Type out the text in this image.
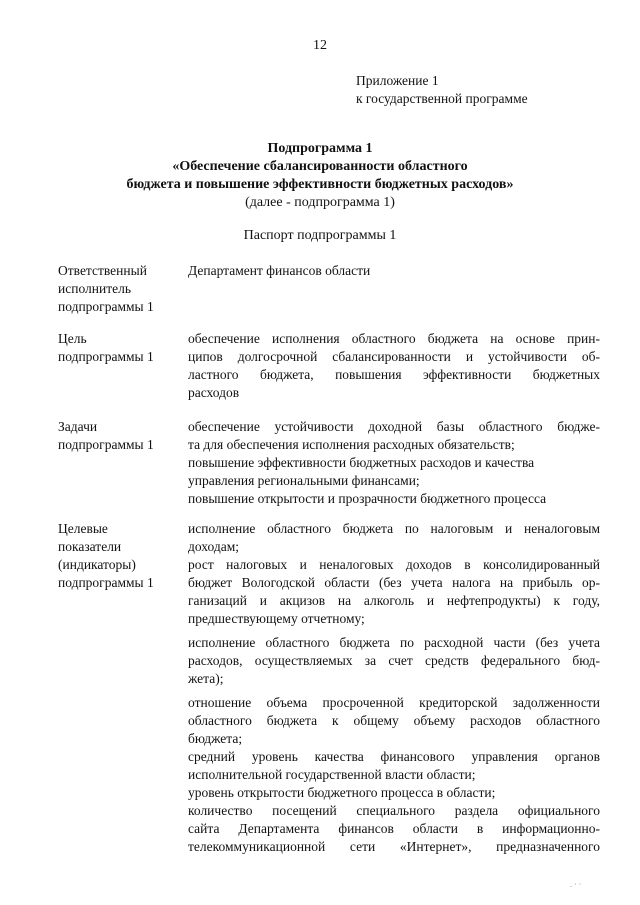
12
Приложение 1
к государственной программе
Подпрограмма 1
«Обеспечение сбалансированности областного
бюджета и повышение эффективности бюджетных расходов»
(далее - подпрограмма 1)
Паспорт подпрограммы 1
Ответственный
исполнитель
подпрограммы 1
Департамент финансов области
Цель
подпрограммы 1
обеспечение исполнения областного бюджета на основе прин-
ципов долгосрочной сбалансированности и устойчивости об-
ластного бюджета, повышения эффективности бюджетных
расходов
Задачи
подпрограммы 1
обеспечение устойчивости доходной базы областного бюдже-
та для обеспечения исполнения расходных обязательств;
повышение эффективности бюджетных расходов и качества
управления региональными финансами;
повышение открытости и прозрачности бюджетного процесса
Целевые
показатели
(индикаторы)
подпрограммы 1
исполнение областного бюджета по налоговым и неналоговым
доходам;
рост налоговых и неналоговых доходов в консолидированный
бюджет Вологодской области (без учета налога на прибыль ор-
ганизаций и акцизов на алкоголь и нефтепродукты) к году,
предшествующему отчетному;
исполнение областного бюджета по расходной части (без учета
расходов, осуществляемых за счет средств федерального бюд-
жета);
отношение объема просроченной кредиторской задолженности
областного бюджета к общему объему расходов областного
бюджета;
средний уровень качества финансового управления органов
исполнительной государственной власти области;
уровень открытости бюджетного процесса в области;
количество посещений специального раздела официального
сайта Департамента финансов области в информационно-
телекоммуникационной сети «Интернет», предназначенного
. · ·
